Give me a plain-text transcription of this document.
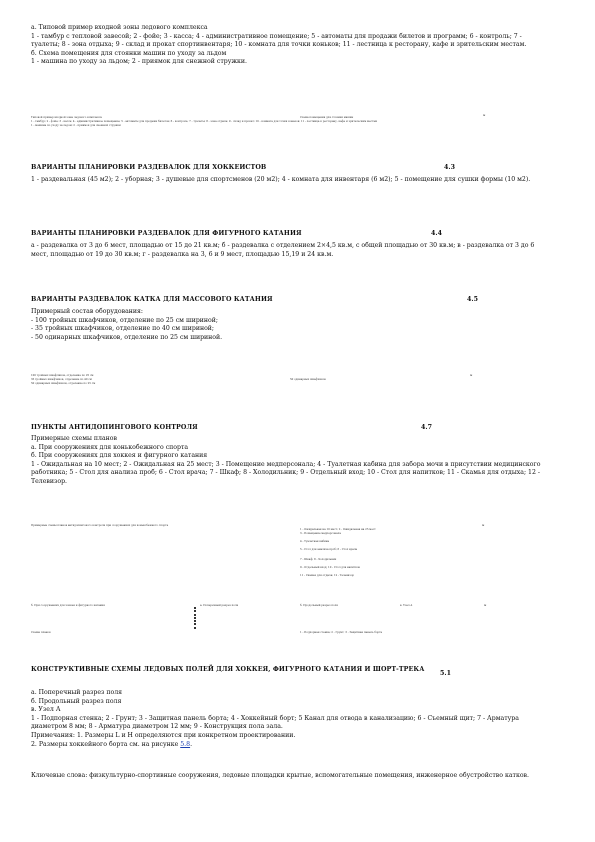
а. Типовой пример входной зоны ледового комплекса

1 - тамбур с тепловой завесой; 2 - фойе; 3 - касса; 4 - административное помещение; 5 - автоматы для продажи билетов и программ; 6 - контроль; 7 - туалеты; 8 - зона отдыха; 9 - склад и прокат спортинвентаря; 10 - комната для точки коньков; 11 - лестница к ресторану, кафе и зрительским местам.

б. Схема помещения для стоянки машин по уходу за льдом

1 - машина по уходу за льдом; 2 - приямок для снежной стружки.

Типовой пример входной зоны ледового комплекса	Схема помещения для стоянки машин
1 - тамбур; 2 - фойе; 3 - касса; 4 - административное помещение; 5 - автоматы для продажи билетов; 6 - контроль; 7 - туалеты; 8 - зона отдыха; 9 - склад и прокат; 10 - комната для точки коньков; 11 - лестница к ресторану, кафе и зрительским местам
1 - машина по уходу за льдом; 2 - приямок для снежной стружки
м
ВАРИАНТЫ ПЛАНИРОВКИ РАЗДЕВАЛОК ДЛЯ ХОККЕИСТОВ	4.3

1 - раздевальная (45 м2); 2 - уборная; 3 - душевые для спортсменов (20 м2); 4 - комната для инвентаря (6 м2); 5 - помещение для сушки формы (10 м2).

ВАРИАНТЫ ПЛАНИРОВКИ РАЗДЕВАЛОК ДЛЯ ФИГУРНОГО КАТАНИЯ	4.4

а - раздевалка от 3 до 6 мест, площадью от 15 до 21 кв.м; б - раздевалка с отделением 2×4,5 кв.м, с общей площадью от 30 кв.м; в - раздевалка от 3 до 6 мест, площадью от 19 до 30 кв.м; г - раздевалка на 3, 6 и 9 мест, площадью 15,19 и 24 кв.м.

ВАРИАНТЫ РАЗДЕВАЛОК КАТКА ДЛЯ МАССОВОГО КАТАНИЯ	4.5

Примерный состав оборудования:

- 100 тройных шкафчиков, отделение по 25 см шириной;

- 35 тройных шкафчиков, отделение по 40 см шириной;

- 50 одинарных шкафчиков, отделение по 25 см шириной.

100 тройных шкафчиков, отделение по 25 см
35 тройных шкафчиков, отделение по 40 см
50 одинарных шкафчиков, отделение по 25 см
50 одинарных шкафчиков
м
ПУНКТЫ АНТИДОПИНГОВОГО КОНТРОЛЯ	4.7

Примерные схемы планов

а. При сооружениях для конькобежного спорта

б. При сооружениях для хоккея и фигурного катания

1 - Ожидальная на 10 мест; 2 - Ожидальная на 25 мест; 3 - Помещение медперсонала; 4 - Туалетная кабина для забора мочи в присутствии медицинского работника; 5 - Стол для анализа проб; 6 - Стол врача; 7 - Шкаф; 8 - Холодильник; 9 - Отдельный вход; 10 - Стол для напитков; 11 - Скамья для отдыха; 12 - Телевизор.

Примерные схемы планов антидопингового контроля при сооружениях для конькобежного спорта
1 - Ожидальная на 10 мест; 2 - Ожидальная на 25 мест
3 - Помещение медперсонала
4 - Туалетная кабина
5 - Стол для анализа проб; 6 - Стол врача
7 - Шкаф; 8 - Холодильник
9 - Отдельный вход; 10 - Стол для напитков
11 - Скамья для отдыха; 12 - Телевизор
м
б. При сооружениях для хоккея и фигурного катания
Схемы планов
а. Поперечный разрез поля	б. Продольный разрез поля
1 - Подпорная стенка; 2 - Грунт; 3 - Защитная панель борта
в. Узел А	м
КОНСТРУКТИВНЫЕ СХЕМЫ ЛЕДОВЫХ ПОЛЕЙ ДЛЯ ХОККЕЯ, ФИГУРНОГО КАТАНИЯ И ШОРТ-ТРЕКА
5.1

а. Поперечный разрез поля

б. Продольный разрез поля

в. Узел А

1 - Подпорная стенка; 2 - Грунт; 3 - Защитная панель борта; 4 - Хоккейный борт; 5 Канал для отвода в канализацию; 6 - Съемный щит; 7 - Арматура диаметром 8 мм; 8 - Арматура диаметром 12 мм; 9 - Конструкция пола зала.

Примечания: 1. Размеры L и H определяются при конкретном проектировании.

2. Размеры хоккейного борта см. на рисунке 5.8.

Ключевые слова: физкультурно-спортивные сооружения, ледовые площадки крытые, вспомогательные помещения, инженерное обустройство катков.
